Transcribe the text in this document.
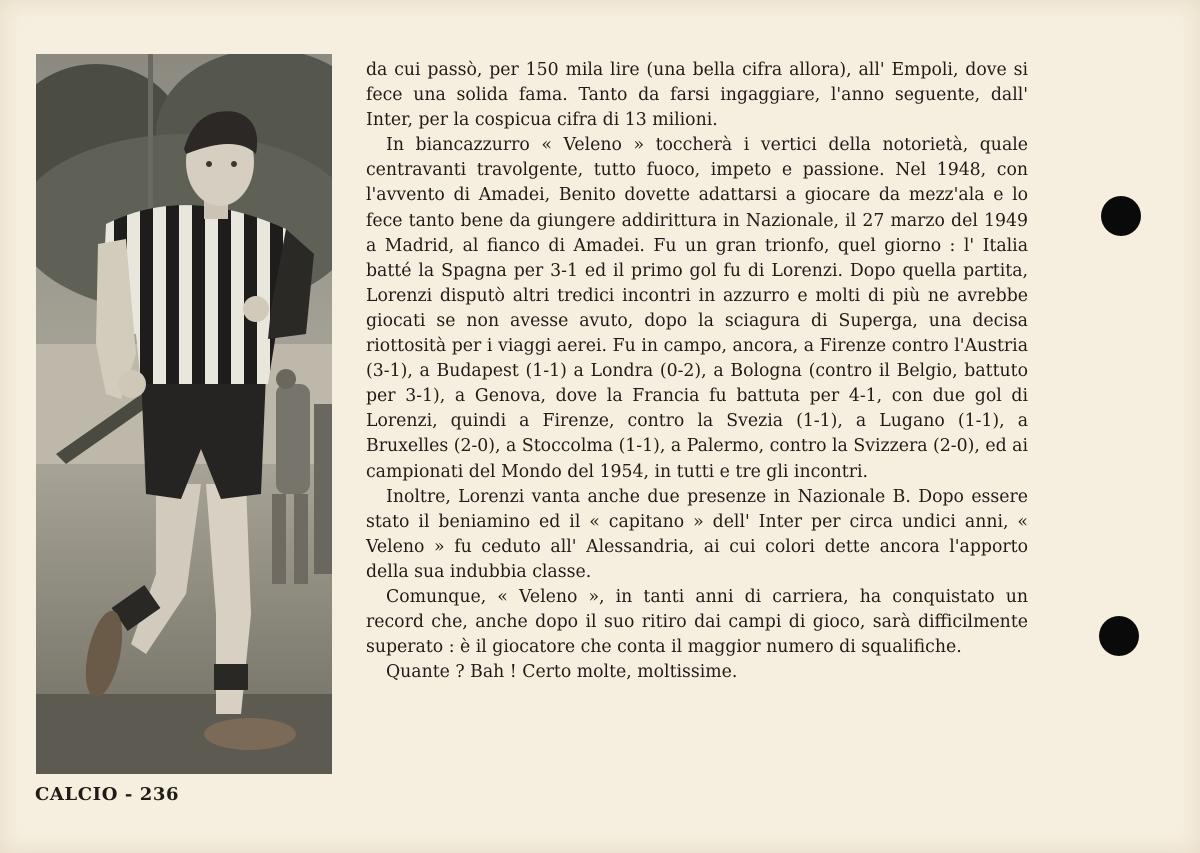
da cui passò, per 150 mila lire (una bella cifra allora), all' Empoli, dove si fece una solida fama. Tanto da farsi ingaggiare, l'anno seguente, dall' Inter, per la cospicua cifra di 13 milioni.

In biancazzurro « Veleno » toccherà i vertici della notorietà, quale centravanti travolgente, tutto fuoco, impeto e passione. Nel 1948, con l'avvento di Amadei, Benito dovette adattarsi a giocare da mezz'ala e lo fece tanto bene da giungere addirittura in Nazionale, il 27 marzo del 1949 a Madrid, al fianco di Amadei. Fu un gran trionfo, quel giorno : l' Italia batté la Spagna per 3-1 ed il primo gol fu di Lorenzi. Dopo quella partita, Lorenzi disputò altri tredici incontri in azzurro e molti di più ne avrebbe giocati se non avesse avuto, dopo la sciagura di Superga, una decisa riottosità per i viaggi aerei. Fu in campo, ancora, a Firenze contro l'Austria (3-1), a Budapest (1-1) a Londra (0-2), a Bologna (contro il Belgio, battuto per 3-1), a Genova, dove la Francia fu battuta per 4-1, con due gol di Lorenzi, quindi a Firenze, contro la Svezia (1-1), a Lugano (1-1), a Bruxelles (2-0), a Stoccolma (1-1), a Palermo, contro la Svizzera (2-0), ed ai campionati del Mondo del 1954, in tutti e tre gli incontri.

Inoltre, Lorenzi vanta anche due presenze in Nazionale B. Dopo essere stato il beniamino ed il « capitano » dell' Inter per circa undici anni, « Veleno » fu ceduto all' Alessandria, ai cui colori dette ancora l'apporto della sua indubbia classe.

Comunque, « Veleno », in tanti anni di carriera, ha conquistato un record che, anche dopo il suo ritiro dai campi di gioco, sarà difficilmente superato : è il giocatore che conta il maggior numero di squalifiche.

Quante ? Bah ! Certo molte, moltissime.

CALCIO - 236
